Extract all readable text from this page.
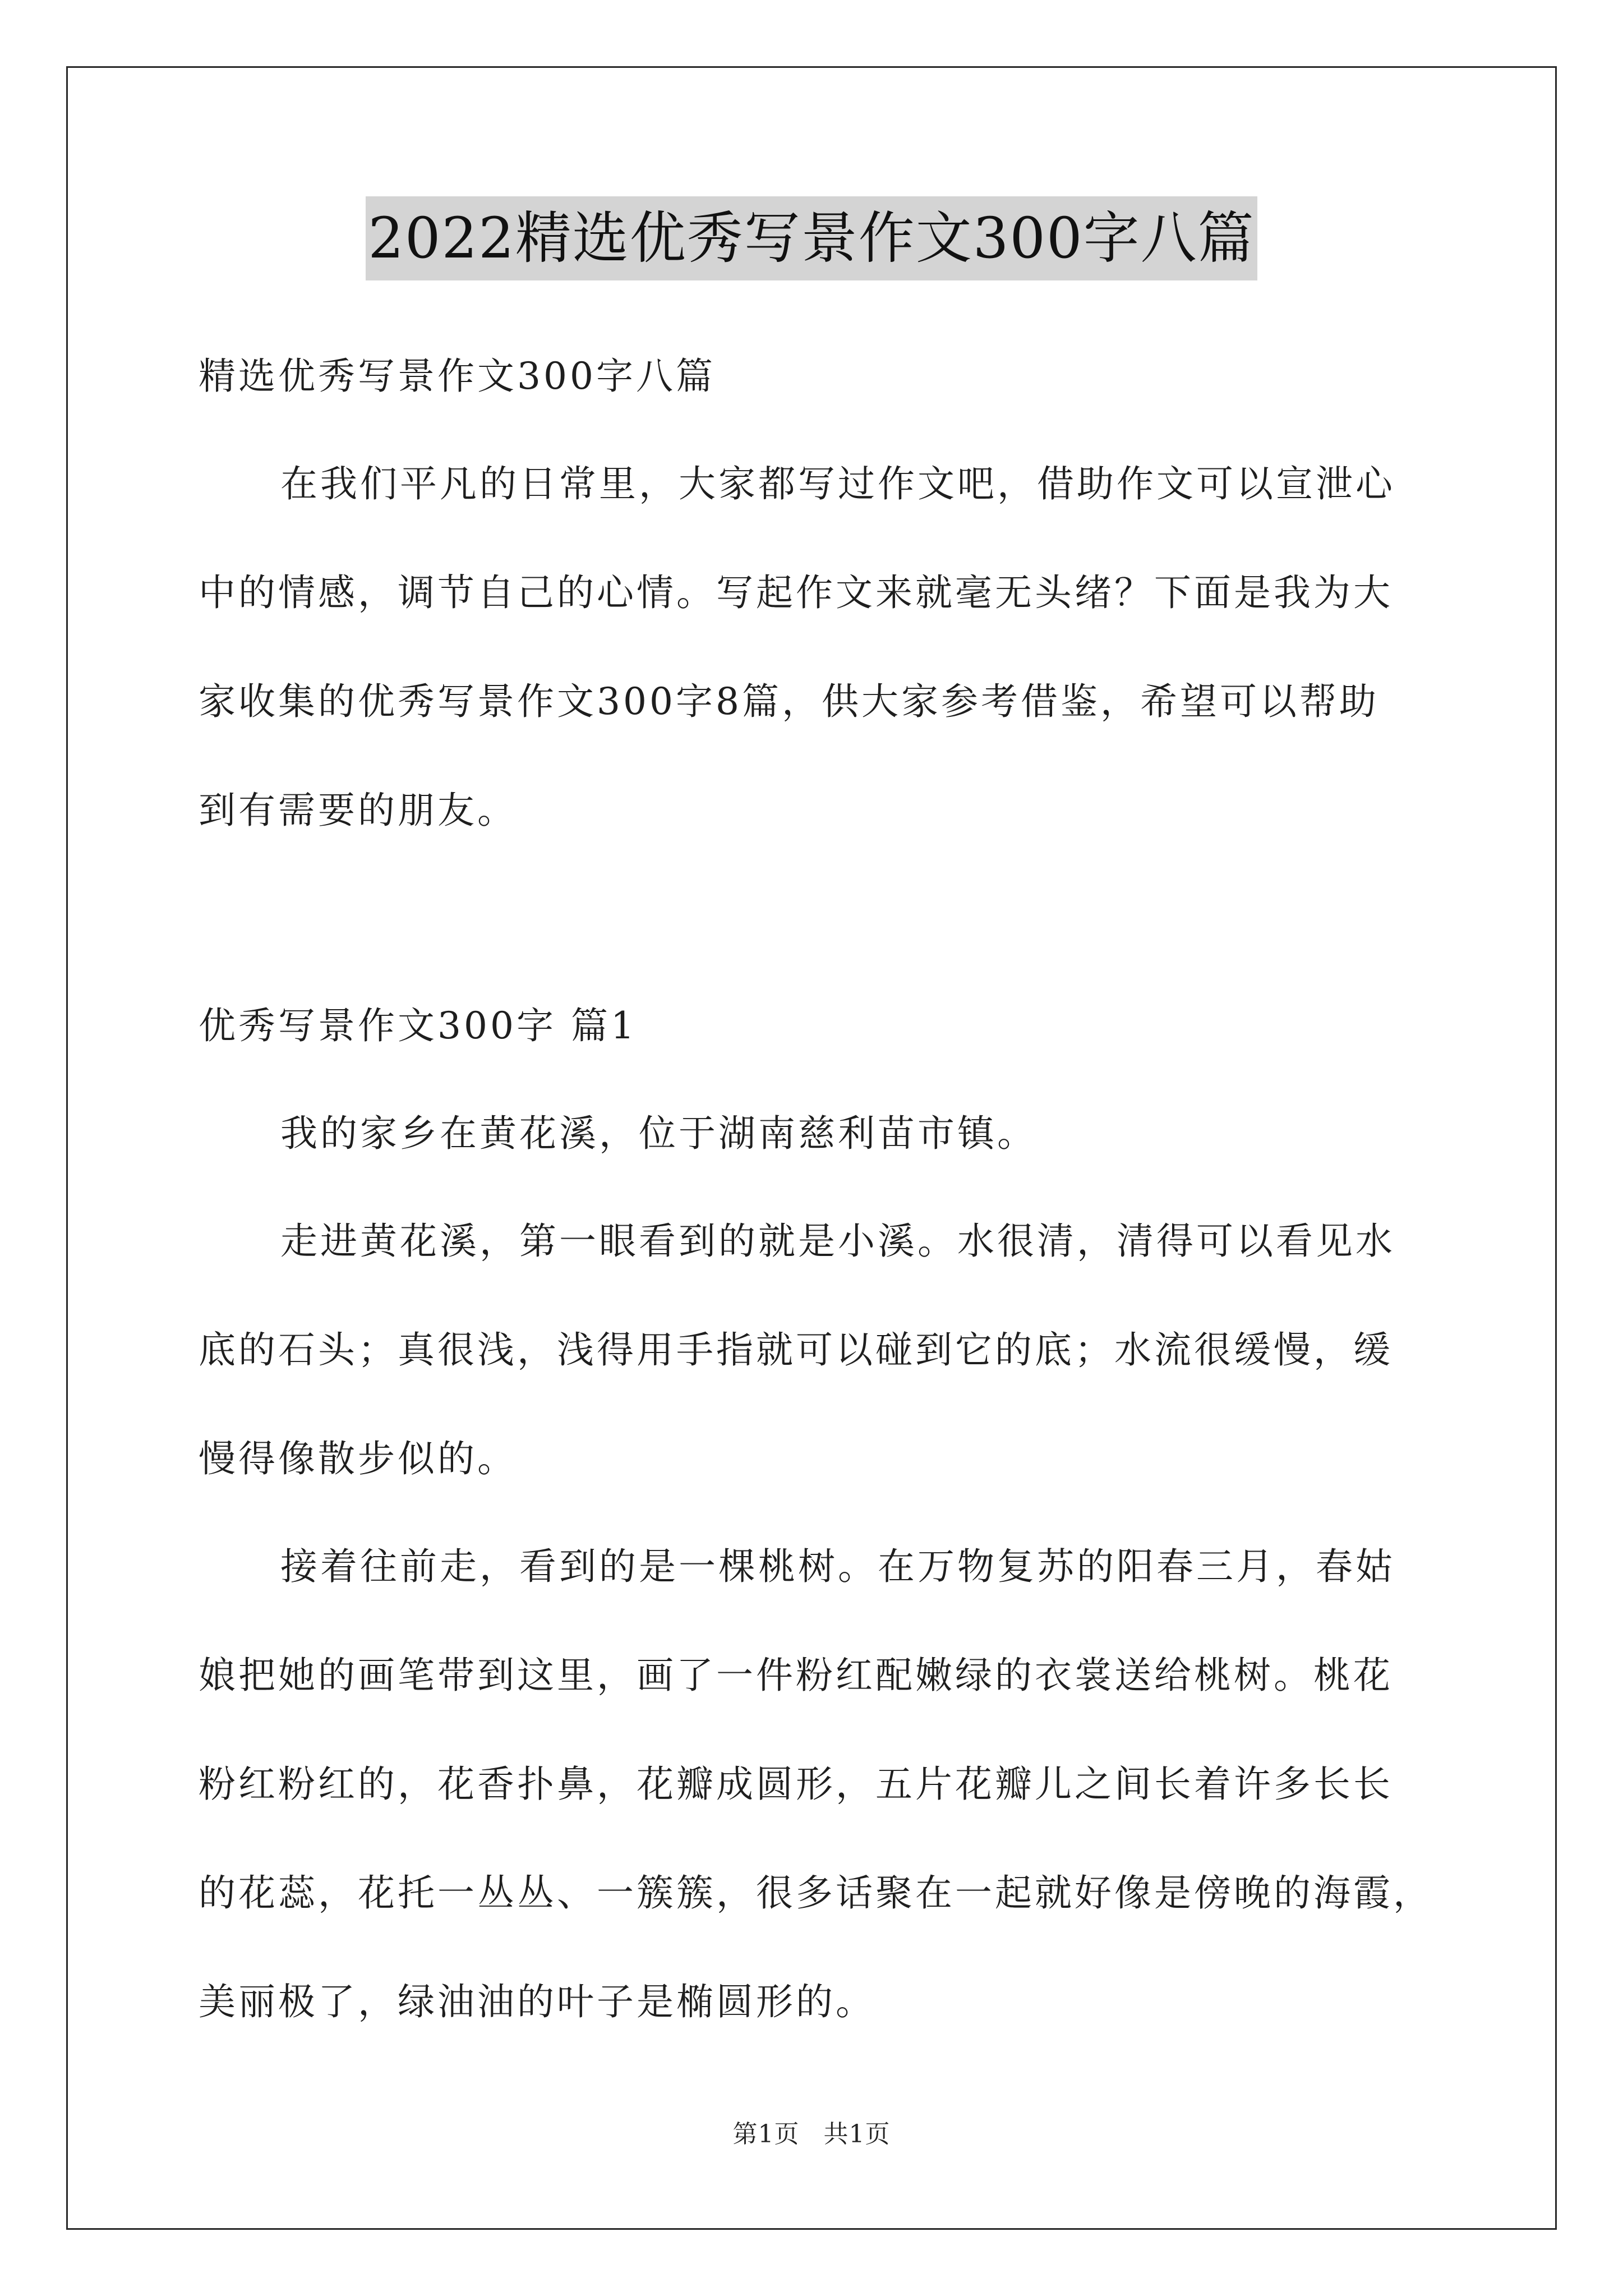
2022精选优秀写景作文300字八篇
精选优秀写景作文300字八篇
在我们平凡的日常里，大家都写过作文吧，借助作文可以宣泄心
中的情感，调节自己的心情。写起作文来就毫无头绪？下面是我为大
家收集的优秀写景作文300字8篇，供大家参考借鉴，希望可以帮助
到有需要的朋友。
优秀写景作文300字 篇1
我的家乡在黄花溪，位于湖南慈利苗市镇。
走进黄花溪，第一眼看到的就是小溪。水很清，清得可以看见水
底的石头；真很浅，浅得用手指就可以碰到它的底；水流很缓慢，缓
慢得像散步似的。
接着往前走，看到的是一棵桃树。在万物复苏的阳春三月，春姑
娘把她的画笔带到这里，画了一件粉红配嫩绿的衣裳送给桃树。桃花
粉红粉红的，花香扑鼻，花瓣成圆形，五片花瓣儿之间长着许多长长
的花蕊，花托一丛丛、一簇簇，很多话聚在一起就好像是傍晚的海霞，
美丽极了，绿油油的叶子是椭圆形的。
第1页 共1页
